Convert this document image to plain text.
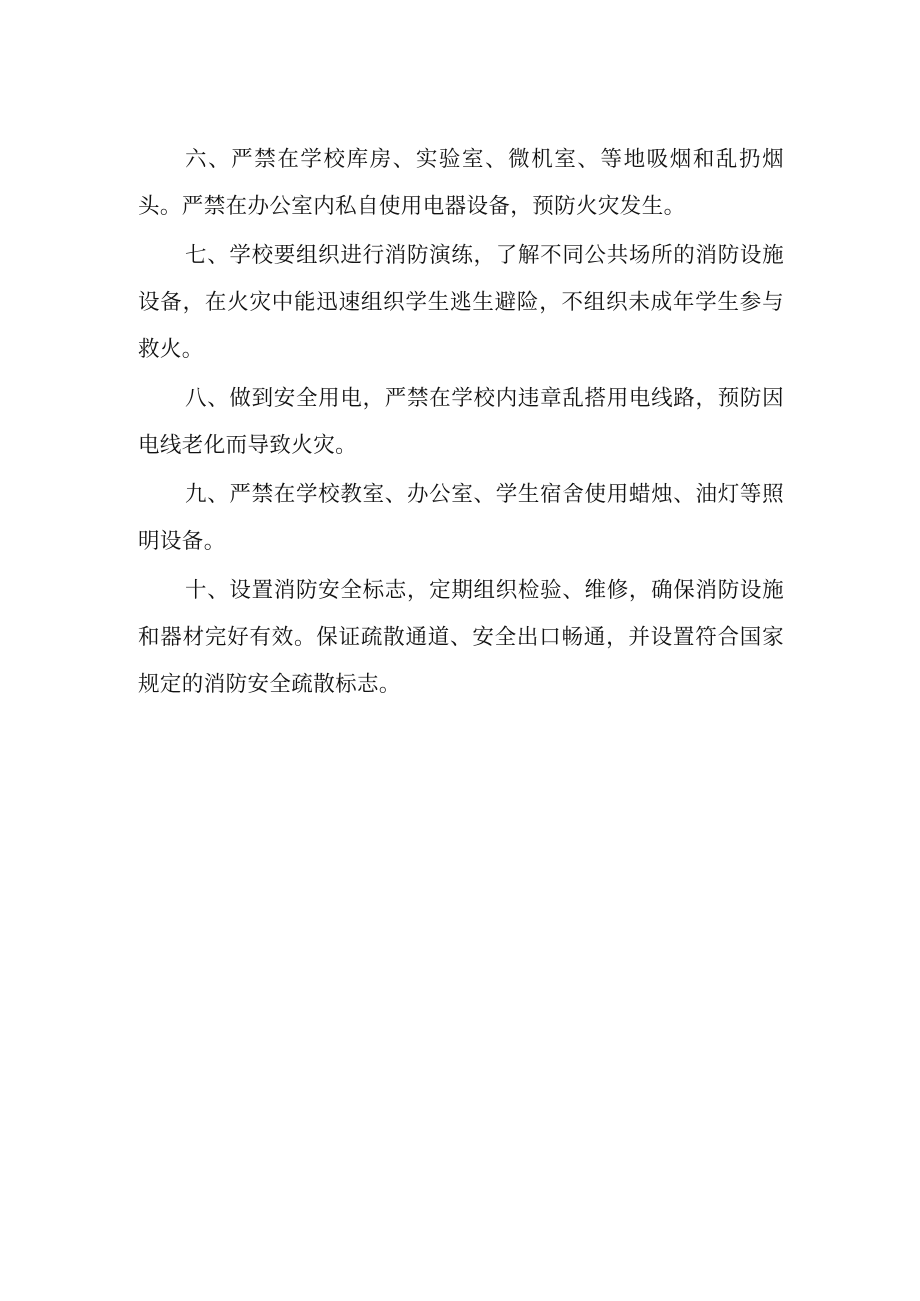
六、严禁在学校库房、实验室、微机室、等地吸烟和乱扔烟头。严禁在办公室内私自使用电器设备，预防火灾发生。

七、学校要组织进行消防演练，了解不同公共场所的消防设施设备，在火灾中能迅速组织学生逃生避险，不组织未成年学生参与救火。

八、做到安全用电，严禁在学校内违章乱搭用电线路，预防因电线老化而导致火灾。

九、严禁在学校教室、办公室、学生宿舍使用蜡烛、油灯等照明设备。

十、设置消防安全标志，定期组织检验、维修，确保消防设施和器材完好有效。保证疏散通道、安全出口畅通，并设置符合国家规定的消防安全疏散标志。
